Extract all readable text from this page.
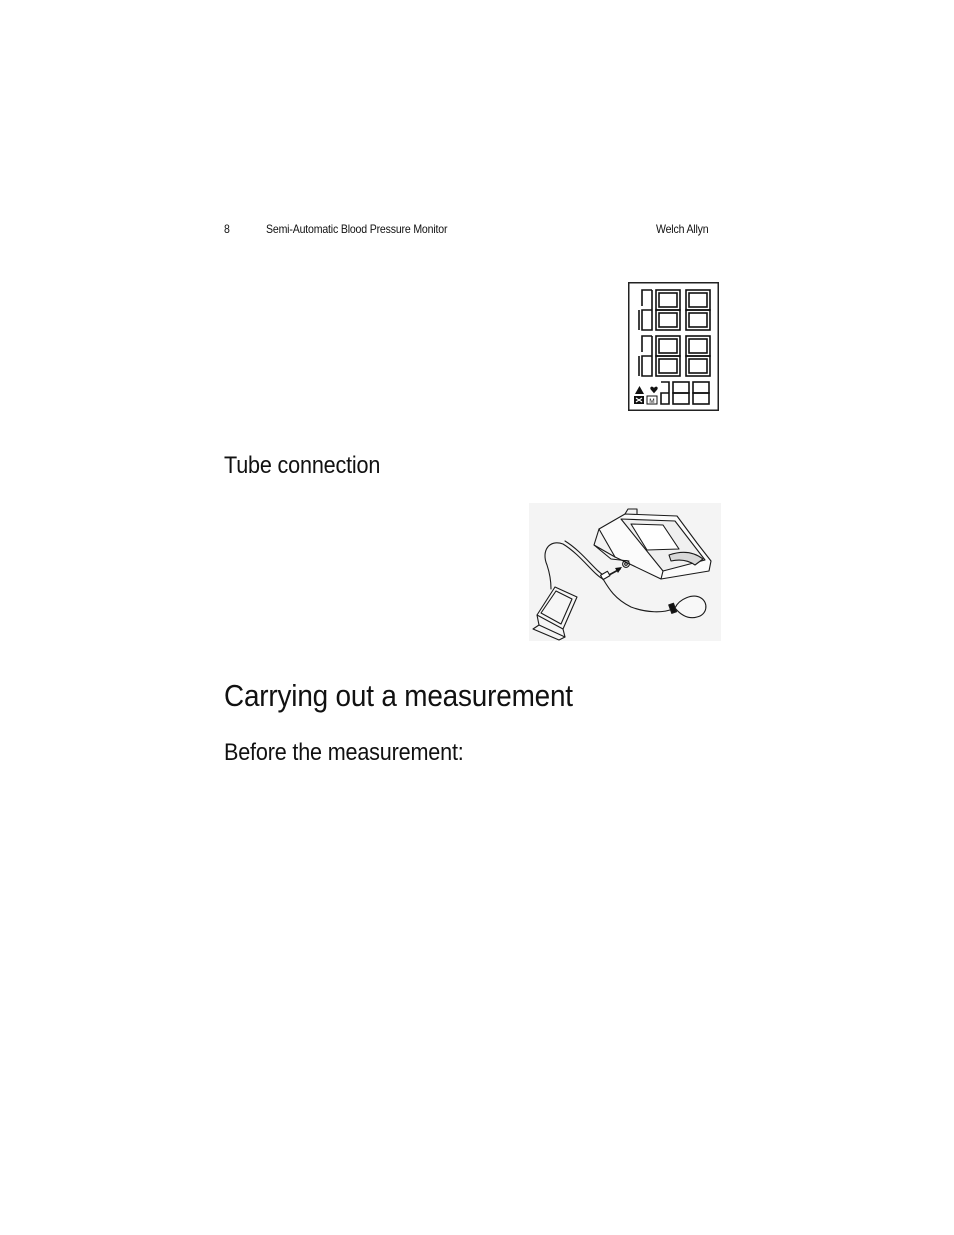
8	Semi-Automatic Blood Pressure Monitor	Welch Allyn
M
Tube connection
Carrying out a measurement
Before the measurement:
